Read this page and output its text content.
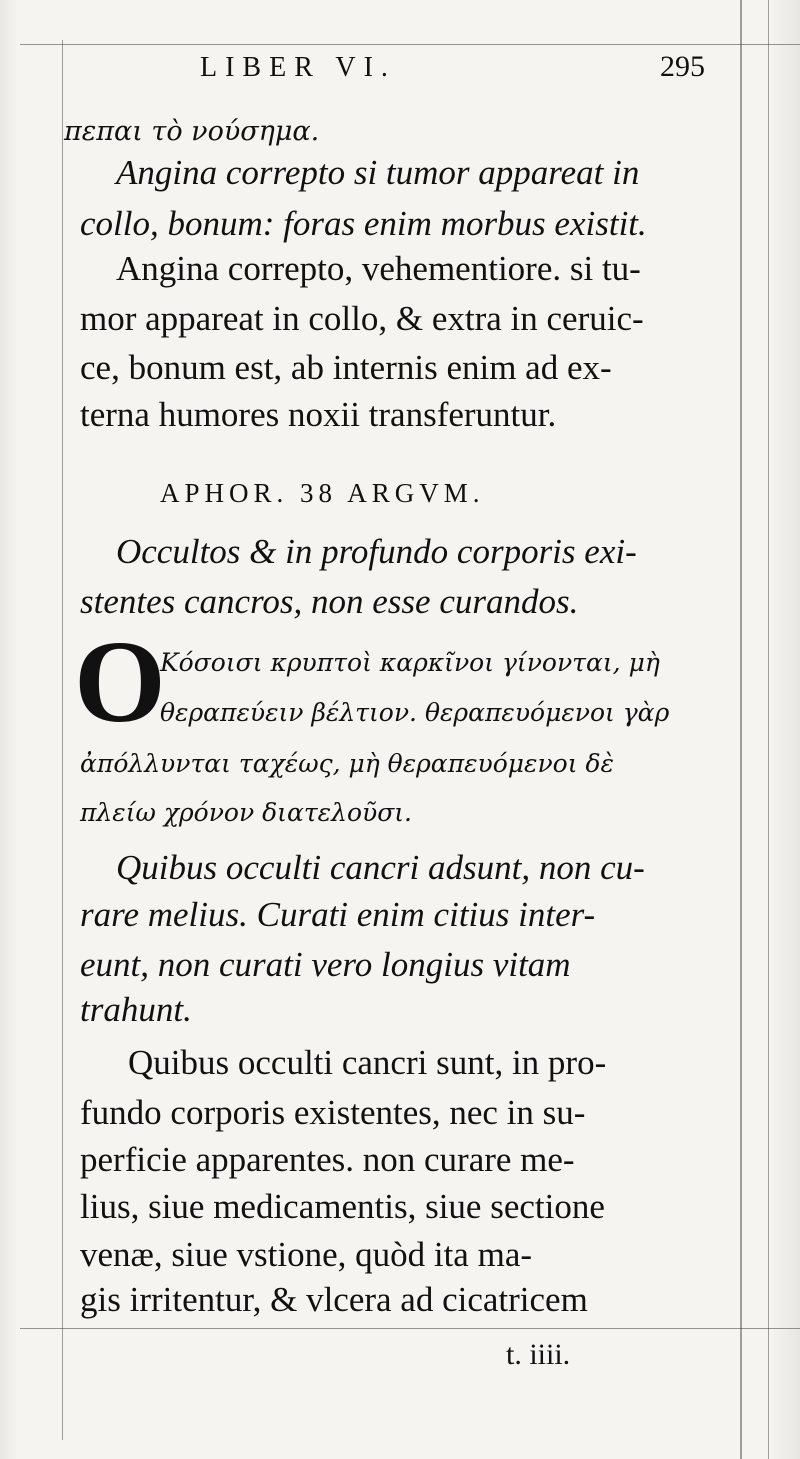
LIBER VI.	295
πεπαι τὸ νούσημα.
Angina correpto si tumor appareat in
collo, bonum: foras enim morbus existit.
Angina correpto, vehementiore. si tu-
mor appareat in collo, & extra in ceruic-
ce, bonum est, ab internis enim ad ex-
terna humores noxii transferuntur.
APHOR. 38 ARGVM.
Occultos & in profundo corporis exi-
stentes cancros, non esse curandos.
O
Κόσοισι κρυπτοὶ καρκῖνοι γίνονται, μὴ
θεραπεύειν βέλτιον. θεραπευόμενοι γὰρ
ἀπόλλυνται ταχέως, μὴ θεραπευόμενοι δὲ
πλείω χρόνον διατελοῦσι.
Quibus occulti cancri adsunt, non cu-
rare melius. Curati enim citius inter-
eunt, non curati vero longius vitam
trahunt.
Quibus occulti cancri sunt, in pro-
fundo corporis existentes, nec in su-
perficie apparentes. non curare me-
lius, siue medicamentis, siue sectione
venæ, siue vstione, quòd ita ma-
gis irritentur, & vlcera ad cicatricem
t. iiii.
